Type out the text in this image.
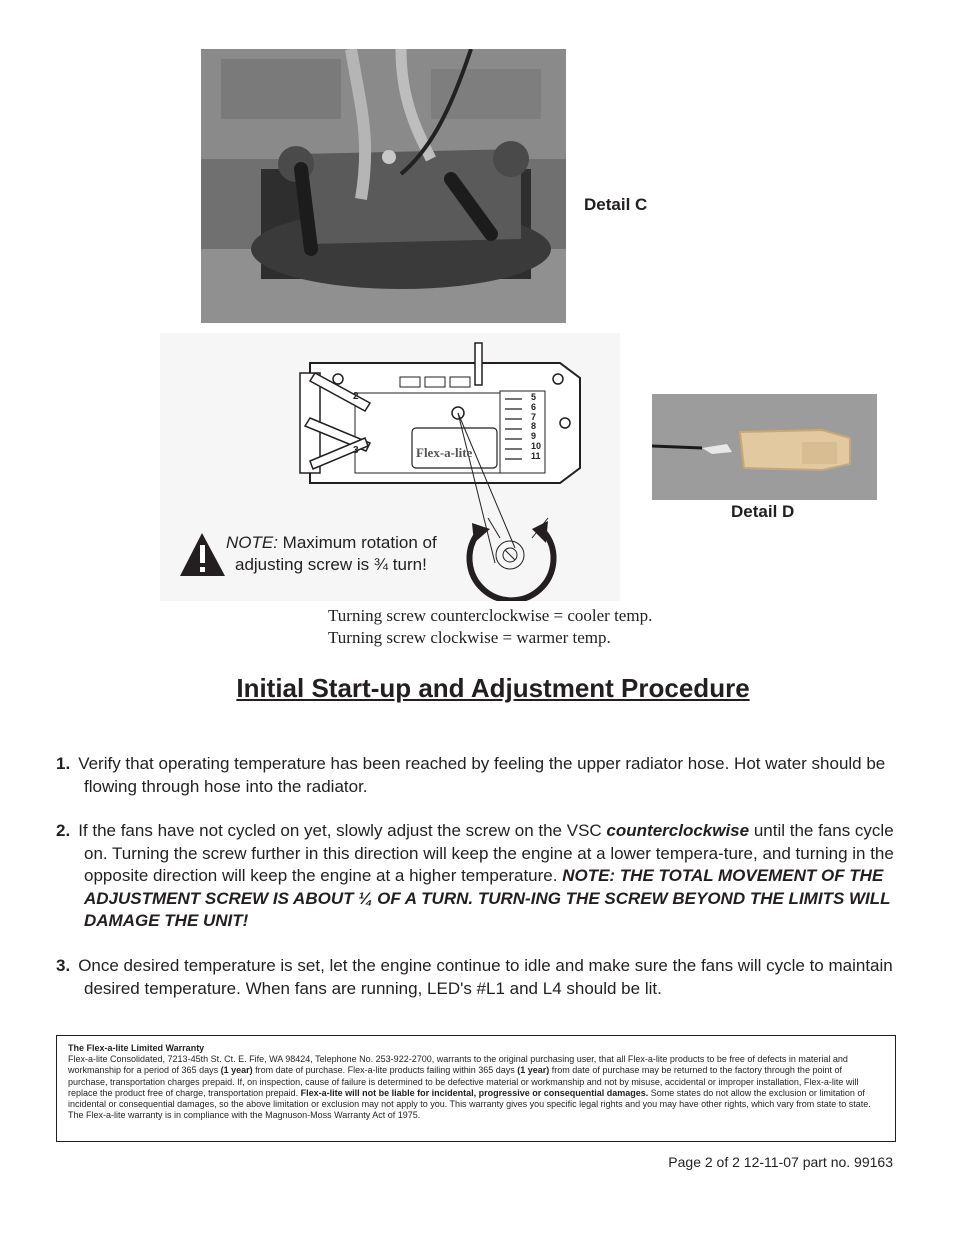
Detail C
2
3
5
6
7
8
9
10
11
Flex-a-lite
NOTE: Maximum rotation of
adjusting screw is ¾ turn!
Detail D
Turning screw counterclockwise = cooler temp.
Turning screw clockwise = warmer temp.
Initial Start-up and Adjustment Procedure
1. Verify that operating temperature has been reached by feeling the upper radiator hose. Hot water should be flowing through hose into the radiator.
2. If the fans have not cycled on yet, slowly adjust the screw on the VSC counterclockwise until the fans cycle on. Turning the screw further in this direction will keep the engine at a lower tempera-ture, and turning in the opposite direction will keep the engine at a higher temperature. NOTE: THE TOTAL MOVEMENT OF THE ADJUSTMENT SCREW IS ABOUT ¼ OF A TURN. TURN-ING THE SCREW BEYOND THE LIMITS WILL DAMAGE THE UNIT!
3. Once desired temperature is set, let the engine continue to idle and make sure the fans will cycle to maintain desired temperature. When fans are running, LED's #L1 and L4 should be lit.
The Flex-a-lite Limited Warranty
Flex-a-lite Consolidated, 7213-45th St. Ct. E. Fife, WA 98424, Telephone No. 253-922-2700, warrants to the original purchasing user, that all Flex-a-lite products to be free of defects in material and workmanship for a period of 365 days (1 year) from date of purchase. Flex-a-lite products failing within 365 days (1 year) from date of purchase may be returned to the factory through the point of purchase, transportation charges prepaid. If, on inspection, cause of failure is determined to be defective material or workmanship and not by misuse, accidental or improper installation, Flex-a-lite will replace the product free of charge, transportation prepaid. Flex-a-lite will not be liable for incidental, progressive or consequential damages. Some states do not allow the exclusion or limitation of incidental or consequential damages, so the above limitation or exclusion may not apply to you. This warranty gives you specific legal rights and you may have other rights, which vary from state to state. The Flex-a-lite warranty is in compliance with the Magnuson-Moss Warranty Act of 1975.
Page 2 of 2 12-11-07 part no. 99163
